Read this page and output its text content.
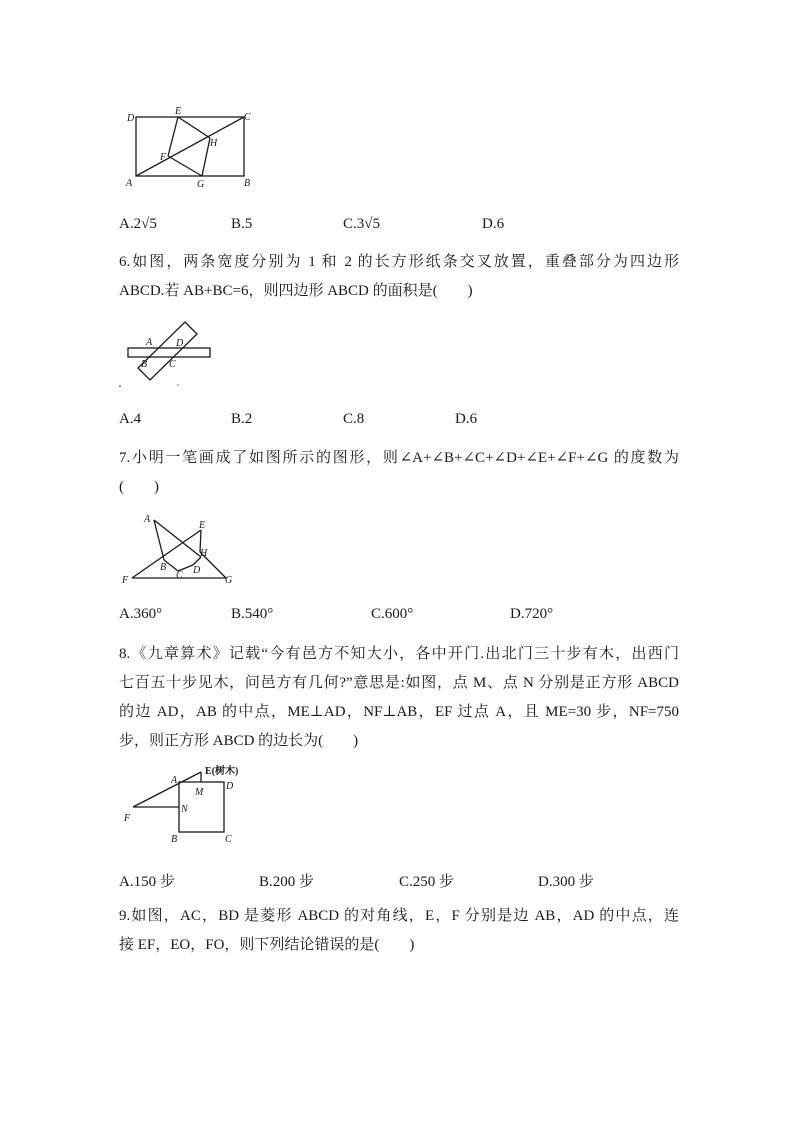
D
E
C
F
H
A	G	B
A.2√5	B.5	C.3√5	D.6
6.如图，两条宽度分别为 1 和 2 的长方形纸条交叉放置，重叠部分为四边形
ABCD.若 AB+BC=6，则四边形 ABCD 的面积是(　　)
A D
B C
A.4	B.2	C.8	D.6
7.小明一笔画成了如图所示的图形，则∠A+∠B+∠C+∠D+∠E+∠F+∠G 的度数为
(　　)
A
E
H
B
C D
F	G
A.360°	B.540°	C.600°	D.720°
8.《九章算术》记载“今有邑方不知大小，各中开门.出北门三十步有木，出西门
七百五十步见木，问邑方有几何?”意思是:如图，点 M、点 N 分别是正方形 ABCD
的边 AD，AB 的中点，ME⊥AD，NF⊥AB，EF 过点 A，且 ME=30 步，NF=750
步，则正方形 ABCD 的边长为(　　)
E(树木)
A
M
D
N
F
B	C
A.150 步	B.200 步	C.250 步	D.300 步
9.如图，AC，BD 是菱形 ABCD 的对角线，E，F 分别是边 AB，AD 的中点，连
接 EF，EO，FO，则下列结论错误的是(　　)
